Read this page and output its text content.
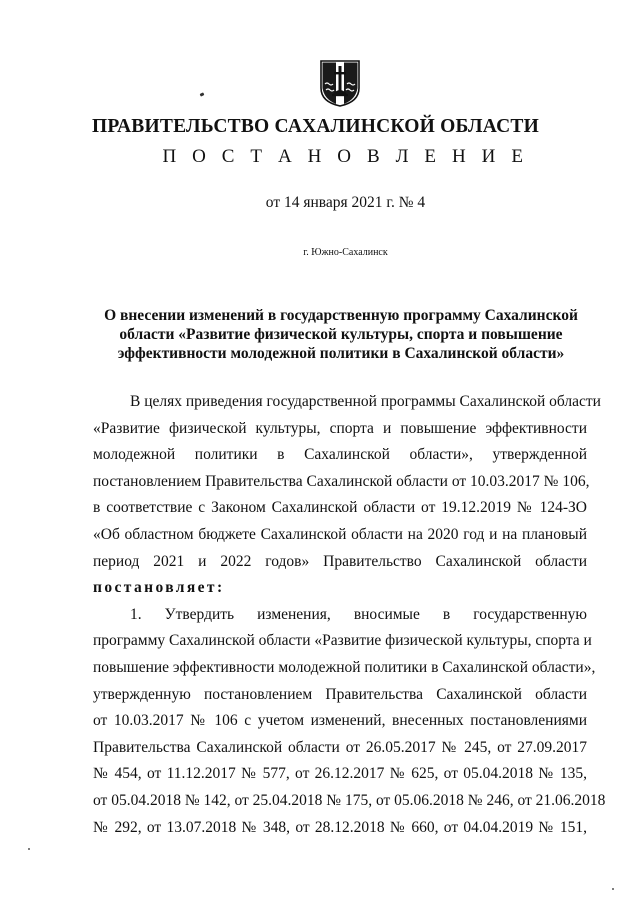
ПРАВИТЕЛЬСТВО САХАЛИНСКОЙ ОБЛАСТИ
П О С Т А Н О В Л Е Н И Е
от 14 января 2021 г. № 4
г. Южно-Сахалинск
О внесении изменений в государственную программу Сахалинской
области «Развитие физической культуры, спорта и повышение
эффективности молодежной политики в Сахалинской области»
В целях приведения государственной программы Сахалинской области
«Развитие физической культуры, спорта и повышение эффективности
молодежной политики в Сахалинской области», утвержденной
постановлением Правительства Сахалинской области от 10.03.2017 № 106,
в соответствие с Законом Сахалинской области от 19.12.2019 № 124-ЗО
«Об областном бюджете Сахалинской области на 2020 год и на плановый
период 2021 и 2022 годов» Правительство Сахалинской области
постановляет:
1. Утвердить изменения, вносимые в государственную
программу Сахалинской области «Развитие физической культуры, спорта и
повышение эффективности молодежной политики в Сахалинской области»,
утвержденную постановлением Правительства Сахалинской области
от 10.03.2017 № 106 с учетом изменений, внесенных постановлениями
Правительства Сахалинской области от 26.05.2017 № 245, от 27.09.2017
№ 454, от 11.12.2017 № 577, от 26.12.2017 № 625, от 05.04.2018 № 135,
от 05.04.2018 № 142, от 25.04.2018 № 175, от 05.06.2018 № 246, от 21.06.2018
№ 292, от 13.07.2018 № 348, от 28.12.2018 № 660, от 04.04.2019 № 151,
